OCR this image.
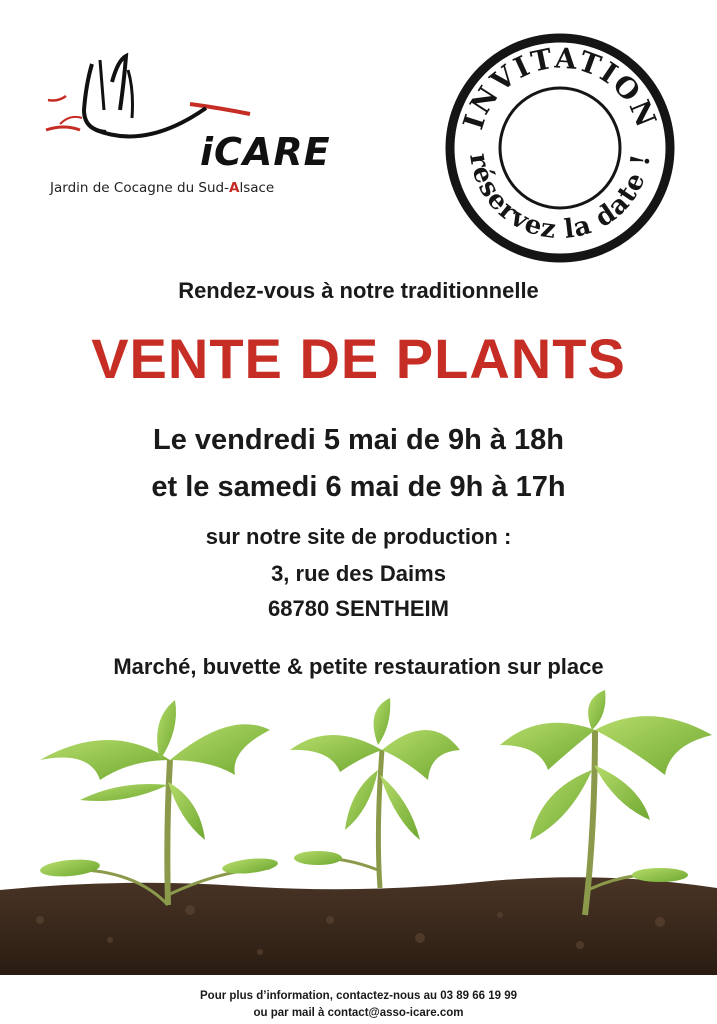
iCARE
Jardin de Cocagne du Sud-Alsace
INVITATION
réservez la date !
Rendez-vous à notre traditionnelle
VENTE DE PLANTS
Le vendredi 5 mai de 9h à 18h
et le samedi 6 mai de 9h à 17h
sur notre site de production :
3, rue des Daims
68780 SENTHEIM
Marché, buvette & petite restauration sur place
Pour plus d’information, contactez-nous au 03 89 66 19 99
ou par mail à contact@asso-icare.com
